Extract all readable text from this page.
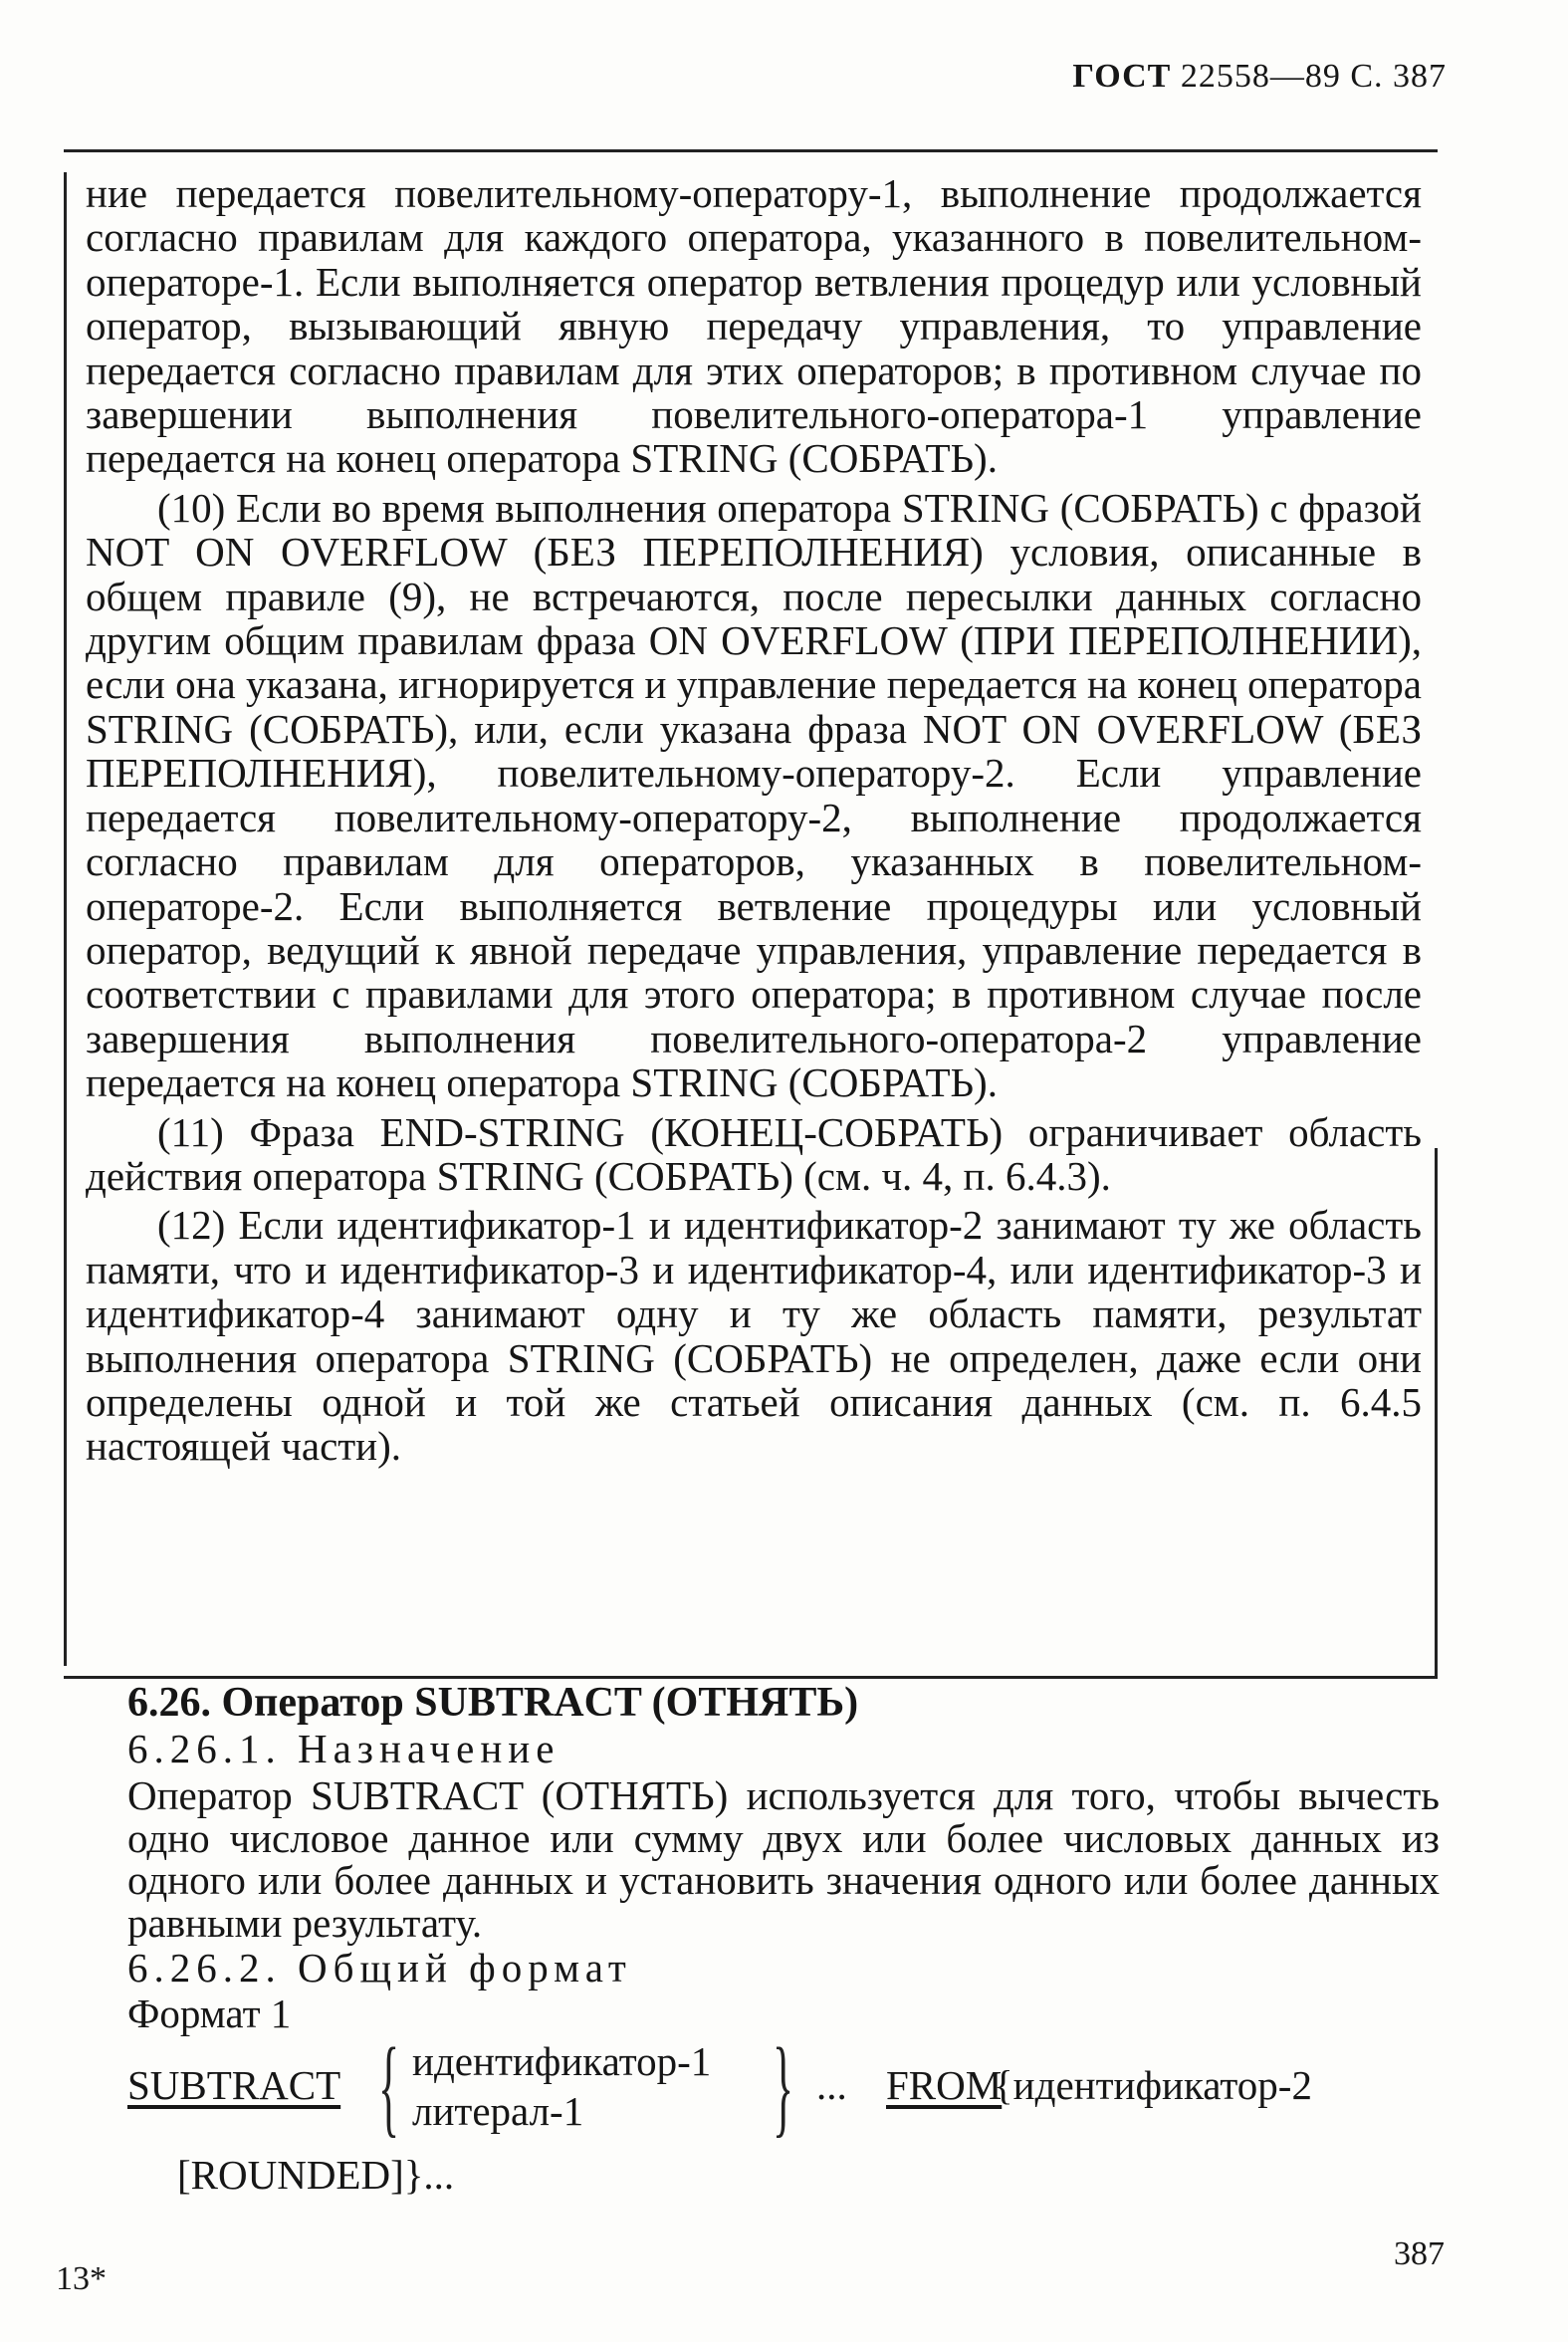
ГОСТ 22558—89 С. 387

ние передается повелительному-оператору-1, выполнение продолжается согласно правилам для каждого оператора, указанного в повелительном-операторе-1. Если выполняется оператор ветвления процедур или условный оператор, вызывающий явную передачу управления, то управление передается согласно правилам для этих операторов; в противном случае по завершении выполнения повелительного-оператора-1 управление передается на конец оператора STRING (СОБРАТЬ).

(10) Если во время выполнения оператора STRING (СОБРАТЬ) с фразой NOT ON OVERFLOW (БЕЗ ПЕРЕПОЛНЕНИЯ) условия, описанные в общем правиле (9), не встречаются, после пересылки данных согласно другим общим правилам фраза ON OVERFLOW (ПРИ ПЕРЕПОЛНЕНИИ), если она указана, игнорируется и управление передается на конец оператора STRING (СОБРАТЬ), или, если указана фраза NOT ON OVERFLOW (БЕЗ ПЕРЕПОЛНЕНИЯ), повелительному-оператору-2. Если управление передается повелительному-оператору-2, выполнение продолжается согласно правилам для операторов, указанных в повелительном-операторе-2. Если выполняется ветвление процедуры или условный оператор, ведущий к явной передаче управления, управление передается в соответствии с правилами для этого оператора; в противном случае после завершения выполнения повелительного-оператора-2 управление передается на конец оператора STRING (СОБРАТЬ).

(11) Фраза END-STRING (КОНЕЦ-СОБРАТЬ) ограничивает область действия оператора STRING (СОБРАТЬ) (см. ч. 4, п. 6.4.3).

(12) Если идентификатор-1 и идентификатор-2 занимают ту же область памяти, что и идентификатор-3 и идентификатор-4, или идентификатор-3 и идентификатор-4 занимают одну и ту же область памяти, результат выполнения оператора STRING (СОБРАТЬ) не определен, даже если они определены одной и той же статьей описания данных (см. п. 6.4.5 настоящей части).

6.26. Оператор SUBTRACT (ОТНЯТЬ)
6.26.1. Назначение
Оператор SUBTRACT (ОТНЯТЬ) используется для того, чтобы вычесть одно числовое данное или сумму двух или более числовых данных из одного или более данных и установить значения одного или более данных равными результату.
6.26.2. Общий формат
Формат 1
SUBTRACT { идентификатор-1
литерал-1 } ... FROM
{идентификатор-2
[ROUNDED]}...
13*
387
